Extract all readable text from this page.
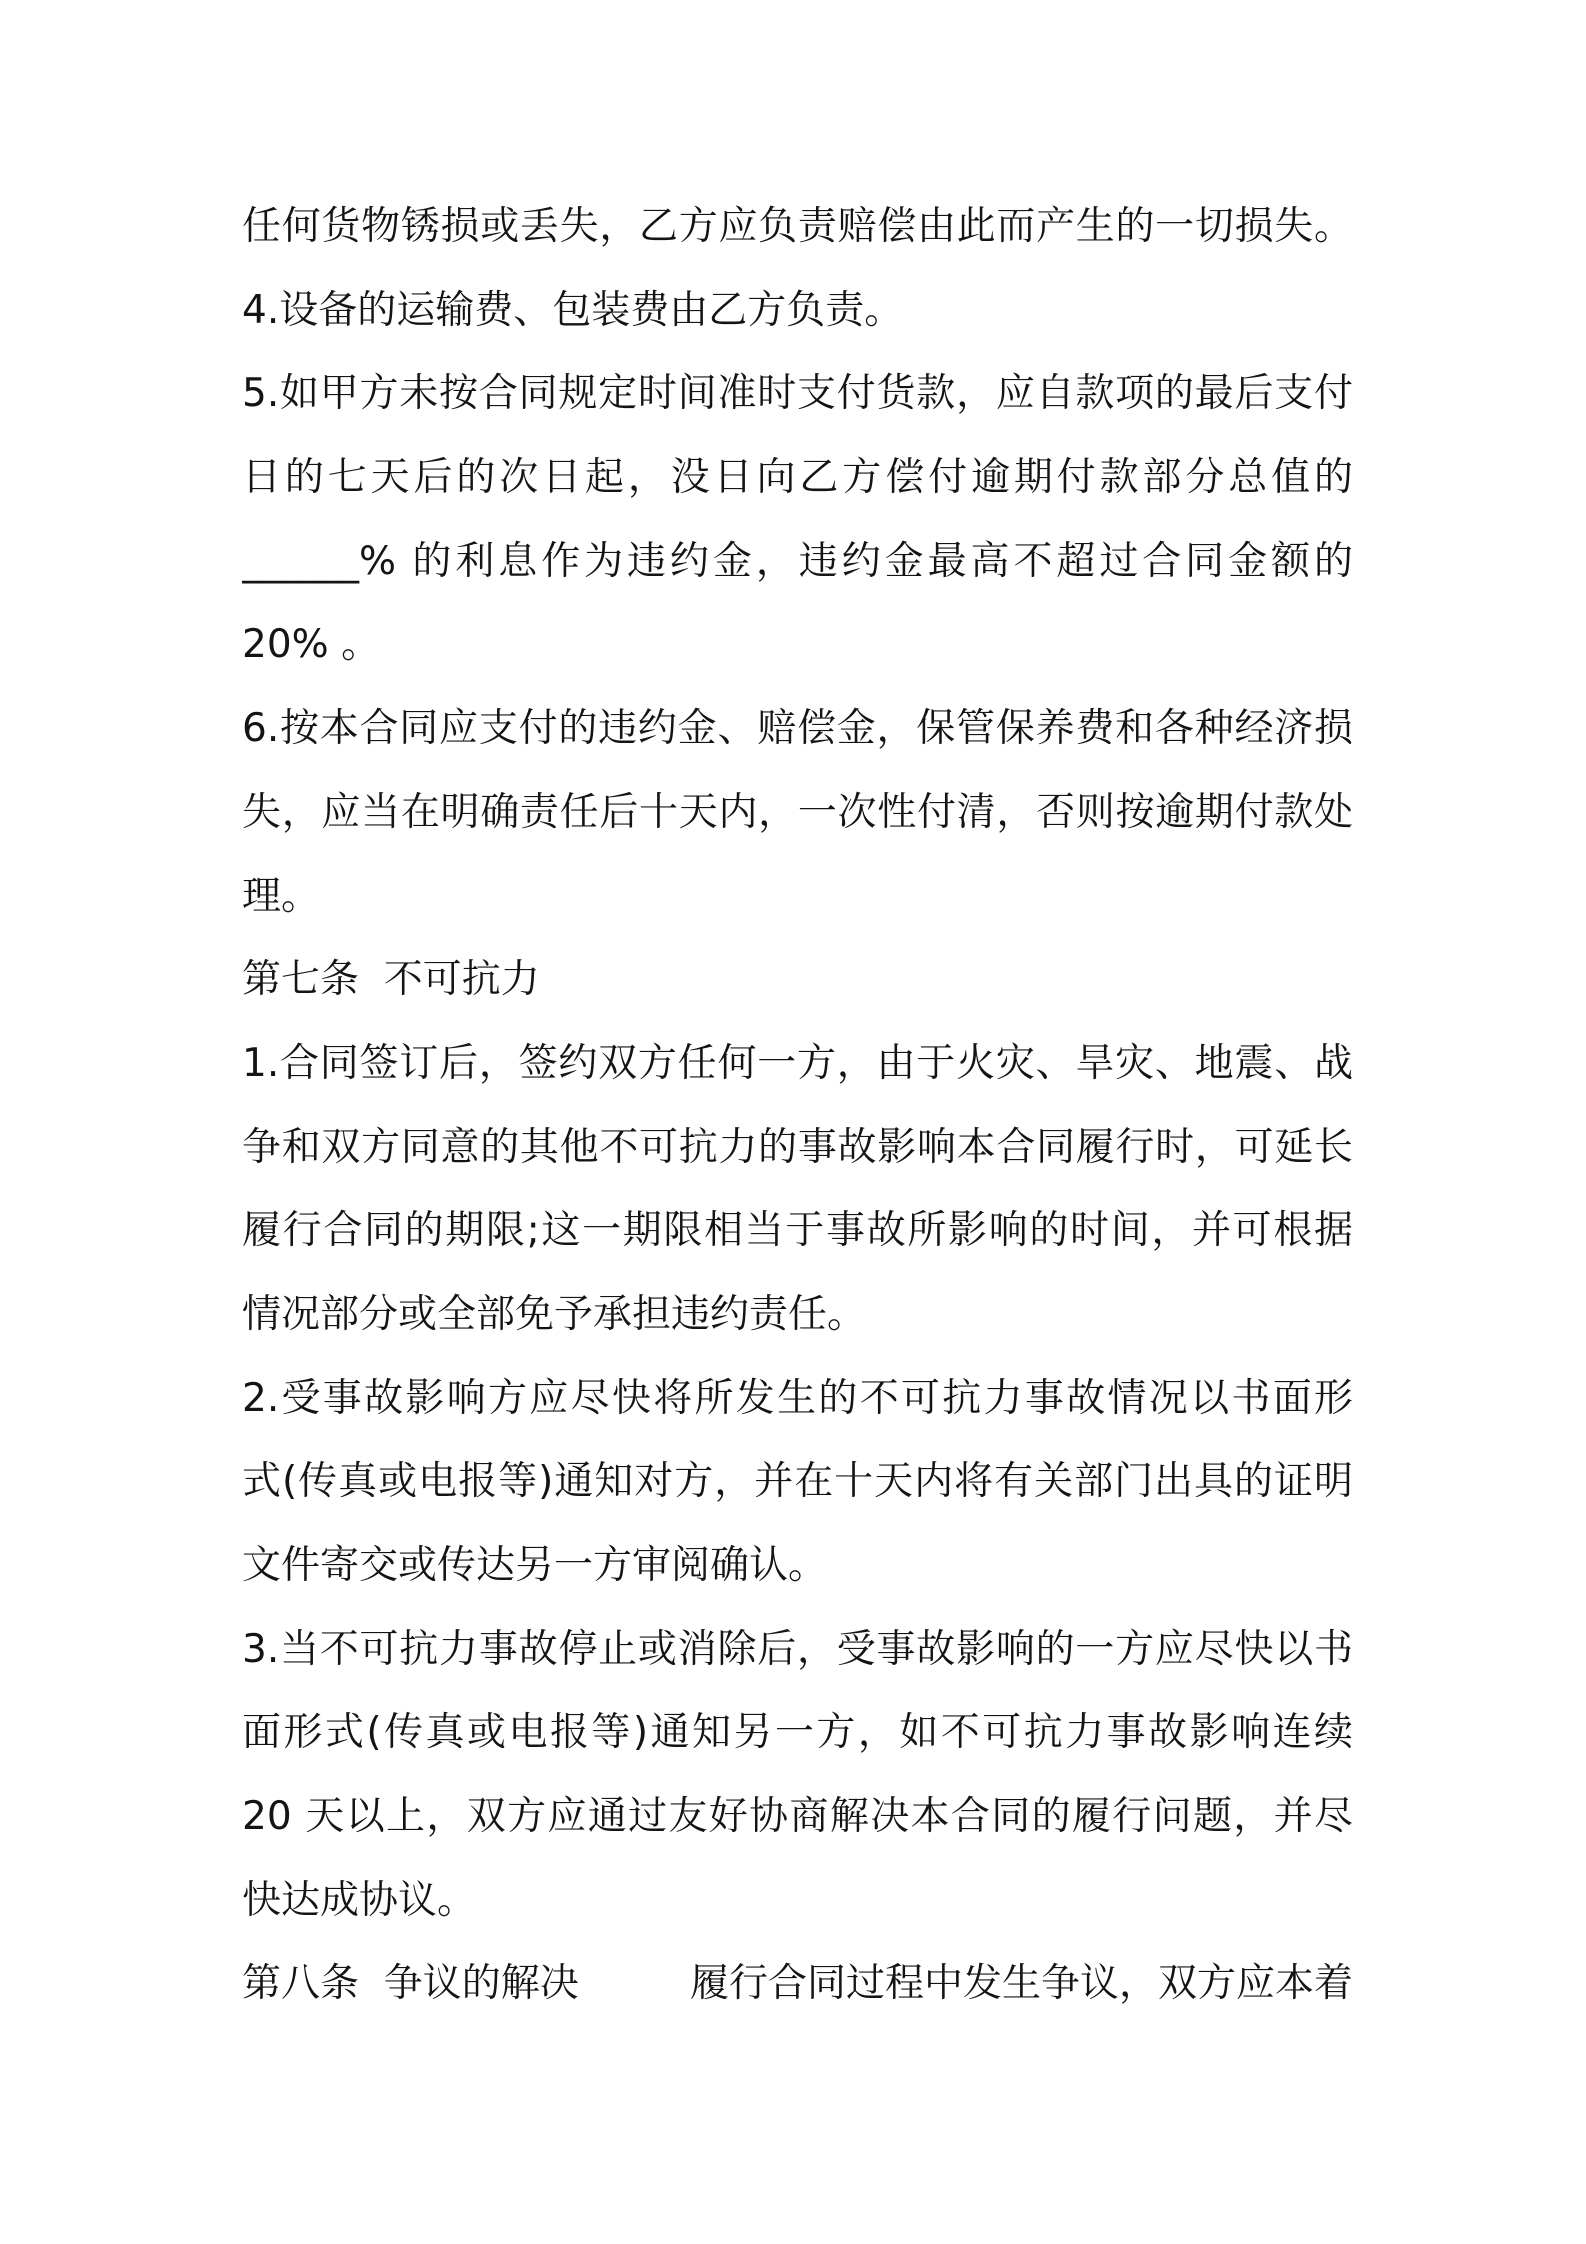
任何货物锈损或丢失，乙方应负责赔偿由此而产生的一切损失。
4.设备的运输费、包装费由乙方负责。
5.如甲方未按合同规定时间准时支付货款，应自款项的最后支付
日的七天后的次日起，没日向乙方偿付逾期付款部分总值的
______% 的利息作为违约金，违约金最高不超过合同金额的
20% 。
6.按本合同应支付的违约金、赔偿金，保管保养费和各种经济损
失，应当在明确责任后十天内，一次性付清，否则按逾期付款处
理。
第七条  不可抗力
1.合同签订后，签约双方任何一方，由于火灾、旱灾、地震、战
争和双方同意的其他不可抗力的事故影响本合同履行时，可延长
履行合同的期限;这一期限相当于事故所影响的时间，并可根据
情况部分或全部免予承担违约责任。
2.受事故影响方应尽快将所发生的不可抗力事故情况以书面形
式(传真或电报等)通知对方，并在十天内将有关部门出具的证明
文件寄交或传达另一方审阅确认。
3.当不可抗力事故停止或消除后，受事故影响的一方应尽快以书
面形式(传真或电报等)通知另一方，如不可抗力事故影响连续
20 天以上，双方应通过友好协商解决本合同的履行问题，并尽
快达成协议。
第八条  争议的解决	履行合同过程中发生争议，双方应本着
